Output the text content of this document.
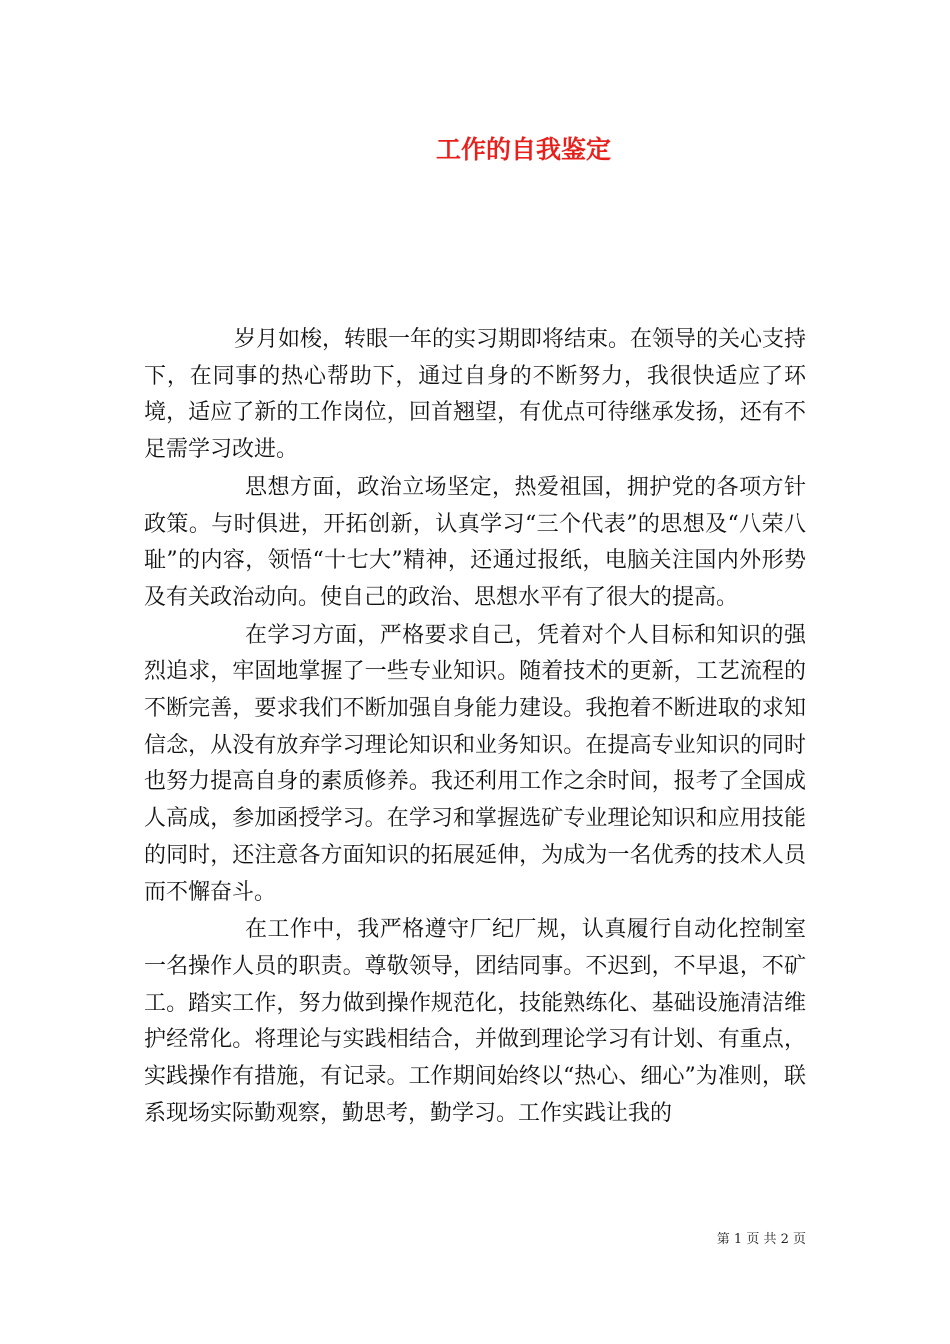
工作的自我鉴定

岁月如梭，转眼一年的实习期即将结束。在领导的关心支持下，在同事的热心帮助下，通过自身的不断努力，我很快适应了环境，适应了新的工作岗位，回首翘望，有优点可待继承发扬，还有不足需学习改进。

思想方面，政治立场坚定，热爱祖国，拥护党的各项方针政策。与时俱进，开拓创新，认真学习“三个代表”的思想及“八荣八耻”的内容，领悟“十七大”精神，还通过报纸，电脑关注国内外形势及有关政治动向。使自己的政治、思想水平有了很大的提高。

在学习方面，严格要求自己，凭着对个人目标和知识的强烈追求，牢固地掌握了一些专业知识。随着技术的更新，工艺流程的不断完善，要求我们不断加强自身能力建设。我抱着不断进取的求知信念，从没有放弃学习理论知识和业务知识。在提高专业知识的同时也努力提高自身的素质修养。我还利用工作之余时间，报考了全国成人高成，参加函授学习。在学习和掌握选矿专业理论知识和应用技能的同时，还注意各方面知识的拓展延伸，为成为一名优秀的技术人员而不懈奋斗。

在工作中，我严格遵守厂纪厂规，认真履行自动化控制室一名操作人员的职责。尊敬领导，团结同事。不迟到，不早退，不矿工。踏实工作，努力做到操作规范化，技能熟练化、基础设施清洁维护经常化。将理论与实践相结合，并做到理论学习有计划、有重点，实践操作有措施，有记录。工作期间始终以“热心、细心”为准则，联系现场实际勤观察，勤思考，勤学习。工作实践让我的

第 1 页 共 2 页
